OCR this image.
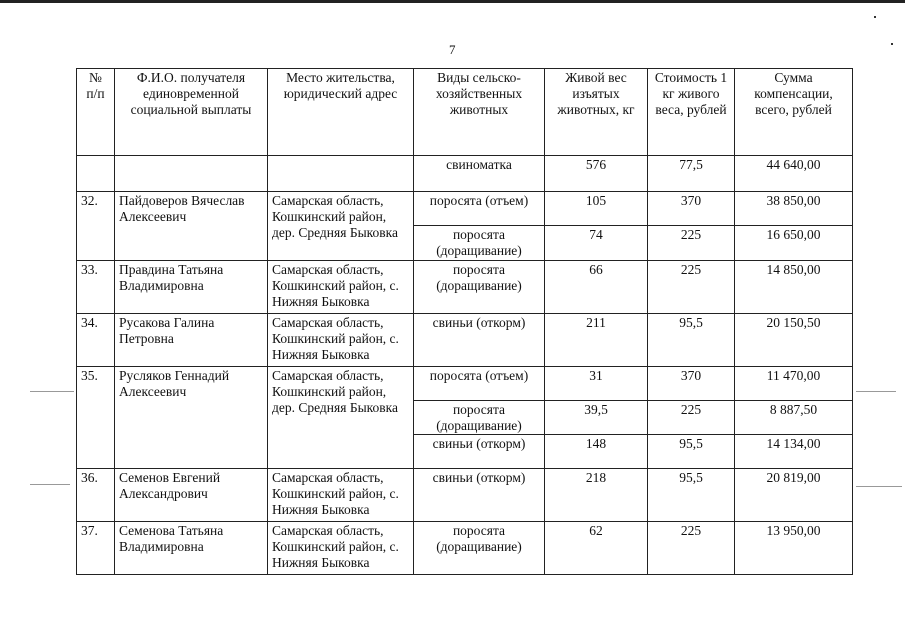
7
№
п/п	Ф.И.О. получателя единовременной социальной выплаты	Место жительства, юридический адрес	Виды сельско-хозяйственных животных	Живой вес изъятых животных, кг	Стоимость 1 кг живого веса, рублей	Сумма компенсации, всего, рублей
			свиноматка	576	77,5	44 640,00
32.	Пайдоверов Вячеслав Алексеевич	Самарская область, Кошкинский район, дер. Средняя Быковка	поросята (отъем)	105	370	38 850,00
			поросята (доращивание)	74	225	16 650,00
33.	Правдина Татьяна Владимировна	Самарская область, Кошкинский район, с. Нижняя Быковка	поросята (доращивание)	66	225	14 850,00
34.	Русакова Галина Петровна	Самарская область, Кошкинский район, с. Нижняя Быковка	свиньи (откорм)	211	95,5	20 150,50
35.	Русляков Геннадий Алексеевич	Самарская область, Кошкинский район, дер. Средняя Быковка	поросята (отъем)	31	370	11 470,00
			поросята (доращивание)	39,5	225	8 887,50
			свиньи (откорм)	148	95,5	14 134,00
36.	Семенов Евгений Александрович	Самарская область, Кошкинский район, с. Нижняя Быковка	свиньи (откорм)	218	95,5	20 819,00
37.	Семенова Татьяна Владимировна	Самарская область, Кошкинский район, с. Нижняя Быковка	поросята (доращивание)	62	225	13 950,00
